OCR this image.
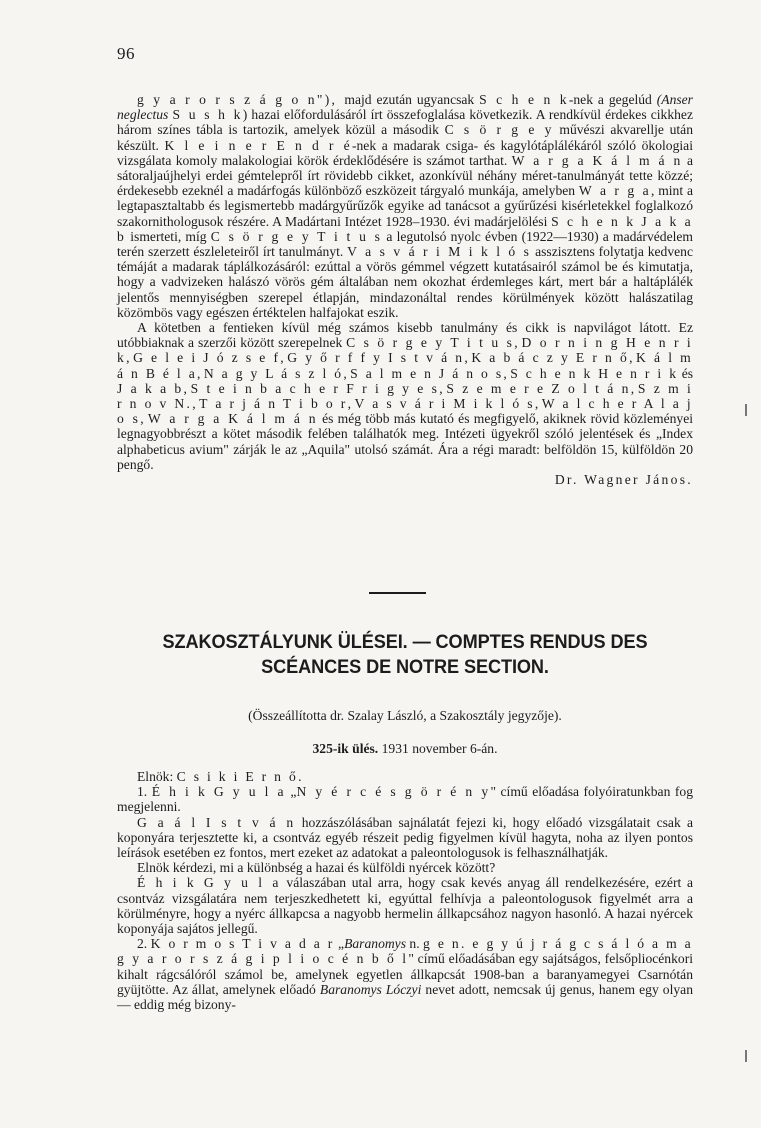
96

g y a r o r s z á g o n"), majd ezután ugyancsak S c h e n k-nek a gegelúd (Anser neglectus S u s h k) hazai előfordulásáról írt összefoglalása következik. A rendkívül érdekes cikkhez három színes tábla is tartozik, amelyek közül a második C s ö r g e y művészi akvarellje után készült. K l e i n e r E n d r é-nek a madarak csiga- és kagylótáplálékáról szóló ökologiai vizsgálata komoly malakologiai körök érdeklődésére is számot tarthat. W a r g a K á l m á n a sátoraljaújhelyi erdei gémtelepről írt rövidebb cikket, azonkívül néhány méret-tanulmányát tette közzé; érdekesebb ezeknél a madárfogás különböző eszközeit tárgyaló munkája, amelyben W a r g a, mint a legtapasztaltabb és legismertebb madárgyűrűzők egyike ad tanácsot a gyűrűzési kisérletekkel foglalkozó szakornithologusok részére. A Madártani Intézet 1928–1930. évi madárjelölési S c h e n k J a k a b ismerteti, míg C s ö r g e y T i t u s a legutolsó nyolc évben (1922—1930) a madárvédelem terén szerzett észleleteiről írt tanulmányt. V a s v á r i M i k l ó s asszisztens folytatja kedvenc témáját a madarak táplálkozásáról: ezúttal a vörös gémmel végzett kutatásairól számol be és kimutatja, hogy a vadvizeken halászó vörös gém általában nem okozhat érdemleges kárt, mert bár a haltáplálék jelentős mennyiségben szerepel étlapján, mindazonáltal rendes körülmények között halászatilag közömbös vagy egészen értéktelen halfajokat eszik.

A kötetben a fentieken kívül még számos kisebb tanulmány és cikk is napvilágot látott. Ez utóbbiaknak a szerzői között szerepelnek C s ö r g e y T i t u s, D o r n i n g H e n r i k, G e l e i J ó z s e f, G y ő r f f y I s t v á n, K a b á c z y E r n ő, K á l m á n B é l a, N a g y L á s z l ó, S a l m e n J á n o s, S c h e n k H e n r i k és J a k a b, S t e i n b a c h e r F r i g y e s, S z e m e r e Z o l t á n, S z m i r n o v N., T a r j á n T i b o r, V a s v á r i M i k l ó s, W a l c h e r A l a j o s, W a r g a K á l m á n és még több más kutató és megfigyelő, akiknek rövid közleményei legnagyobbrészt a kötet második felében találhatók meg. Intézeti ügyekről szóló jelentések és „Index alphabeticus avium" zárják le az „Aquila" utolsó számát. Ára a régi maradt: belföldön 15, külföldön 20 pengő.

Dr. Wagner János.

SZAKOSZTÁLYUNK ÜLÉSEI. — COMPTES RENDUS DES SCÉANCES DE NOTRE SECTION.
(Összeállította dr. Szalay László, a Szakosztály jegyzője).
325-ik ülés. 1931 november 6-án.

Elnök: C s i k i E r n ő.

1. É h i k G y u l a „N y é r c é s g ö r é n y" című előadása folyóiratunkban fog megjelenni.

G a á l I s t v á n hozzászólásában sajnálatát fejezi ki, hogy előadó vizsgálatait csak a koponyára terjesztette ki, a csontváz egyéb részeit pedig figyelmen kívül hagyta, noha az ilyen pontos leírások esetében ez fontos, mert ezeket az adatokat a paleontologusok is felhasználhatják.

Elnök kérdezi, mi a különbség a hazai és külföldi nyércek között?

É h i k G y u l a válaszában utal arra, hogy csak kevés anyag áll rendelkezésére, ezért a csontváz vizsgálatára nem terjeszkedhetett ki, egyúttal felhívja a paleontologusok figyelmét arra a körülményre, hogy a nyérc állkapcsa a nagyobb hermelin állkapcsához nagyon hasonló. A hazai nyércek koponyája sajátos jellegű.

2. K o r m o s T i v a d a r „Baranomys n. g e n. e g y ú j r á g c s á l ó a m a g y a r o r s z á g i p l i o c é n b ő l" című előadásában egy sajátságos, felsőpliocénkori kihalt rágcsálóról számol be, amelynek egyetlen állkapcsát 1908-ban a baranyamegyei Csarnótán gyüjtötte. Az állat, amelynek előadó Baranomys Lóczyi nevet adott, nemcsak új genus, hanem egy olyan — eddig még bizony-
